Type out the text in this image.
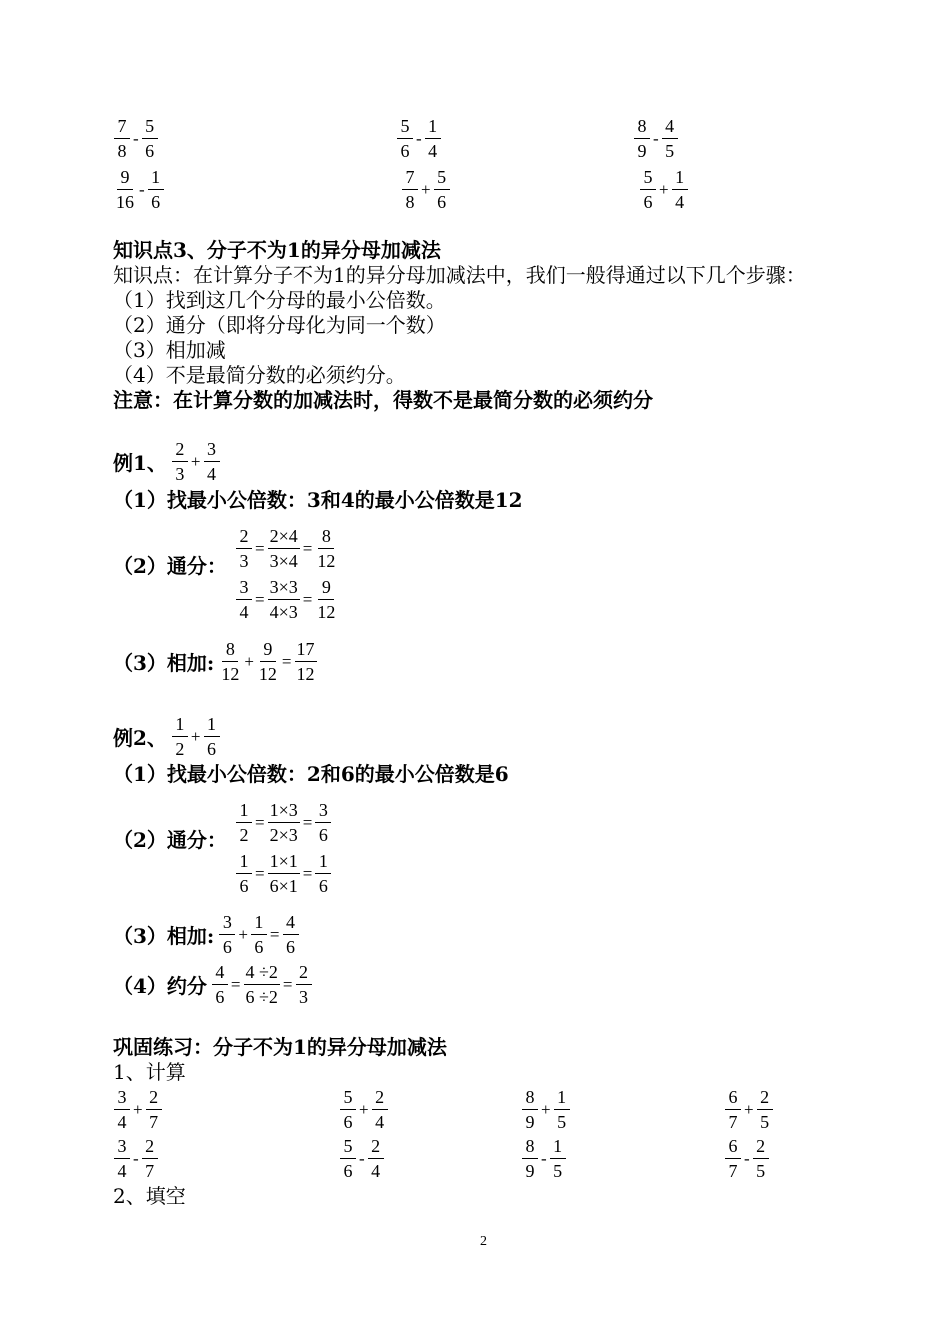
$\frac{7}{8} - \frac{5}{6}$	$\frac{5}{6} - \frac{1}{4}$	$\frac{8}{9} - \frac{4}{5}$
$\frac{9}{16} - \frac{1}{6}$	$\frac{7}{8} + \frac{5}{6}$	$\frac{5}{6} + \frac{1}{4}$
知识点3、分子不为1的异分母加减法
知识点：在计算分子不为1的异分母加减法中，我们一般得通过以下几个步骤：
（1）找到这几个分母的最小公倍数。
（2）通分（即将分母化为同一个数）
（3）相加减
（4）不是最简分数的必须约分。
注意：在计算分数的加减法时，得数不是最简分数的必须约分
例1、 $\frac{2}{3} + \frac{3}{4}$
（1）找最小公倍数：3和4的最小公倍数是12
（2）通分： $\frac{2}{3} = \frac{2\times 4}{3\times 4} = \frac{8}{12}$
$\frac{3}{4} = \frac{3\times 3}{4\times 3} = \frac{9}{12}$
（3）相加: $\frac{8}{12} + \frac{9}{12} = \frac{17}{12}$
例2、 $\frac{1}{2} + \frac{1}{6}$
（1）找最小公倍数：2和6的最小公倍数是6
（2）通分： $\frac{1}{2} = \frac{1\times 3}{2\times 3} = \frac{3}{6}$
$\frac{1}{6} = \frac{1\times 1}{6\times 1} = \frac{1}{6}$
（3）相加: $\frac{3}{6} + \frac{1}{6} = \frac{4}{6}$
（4）约分 $\frac{4}{6} = \frac{4 \div 2}{6 \div 2} = \frac{2}{3}$
巩固练习：分子不为1的异分母加减法
1、计算
$\frac{3}{4} + \frac{2}{7}$	$\frac{5}{6} + \frac{2}{4}$	$\frac{8}{9} + \frac{1}{5}$	$\frac{6}{7} + \frac{2}{5}$
$\frac{3}{4} - \frac{2}{7}$	$\frac{5}{6} - \frac{2}{4}$	$\frac{8}{9} - \frac{1}{5}$	$\frac{6}{7} - \frac{2}{5}$
2、填空
2
